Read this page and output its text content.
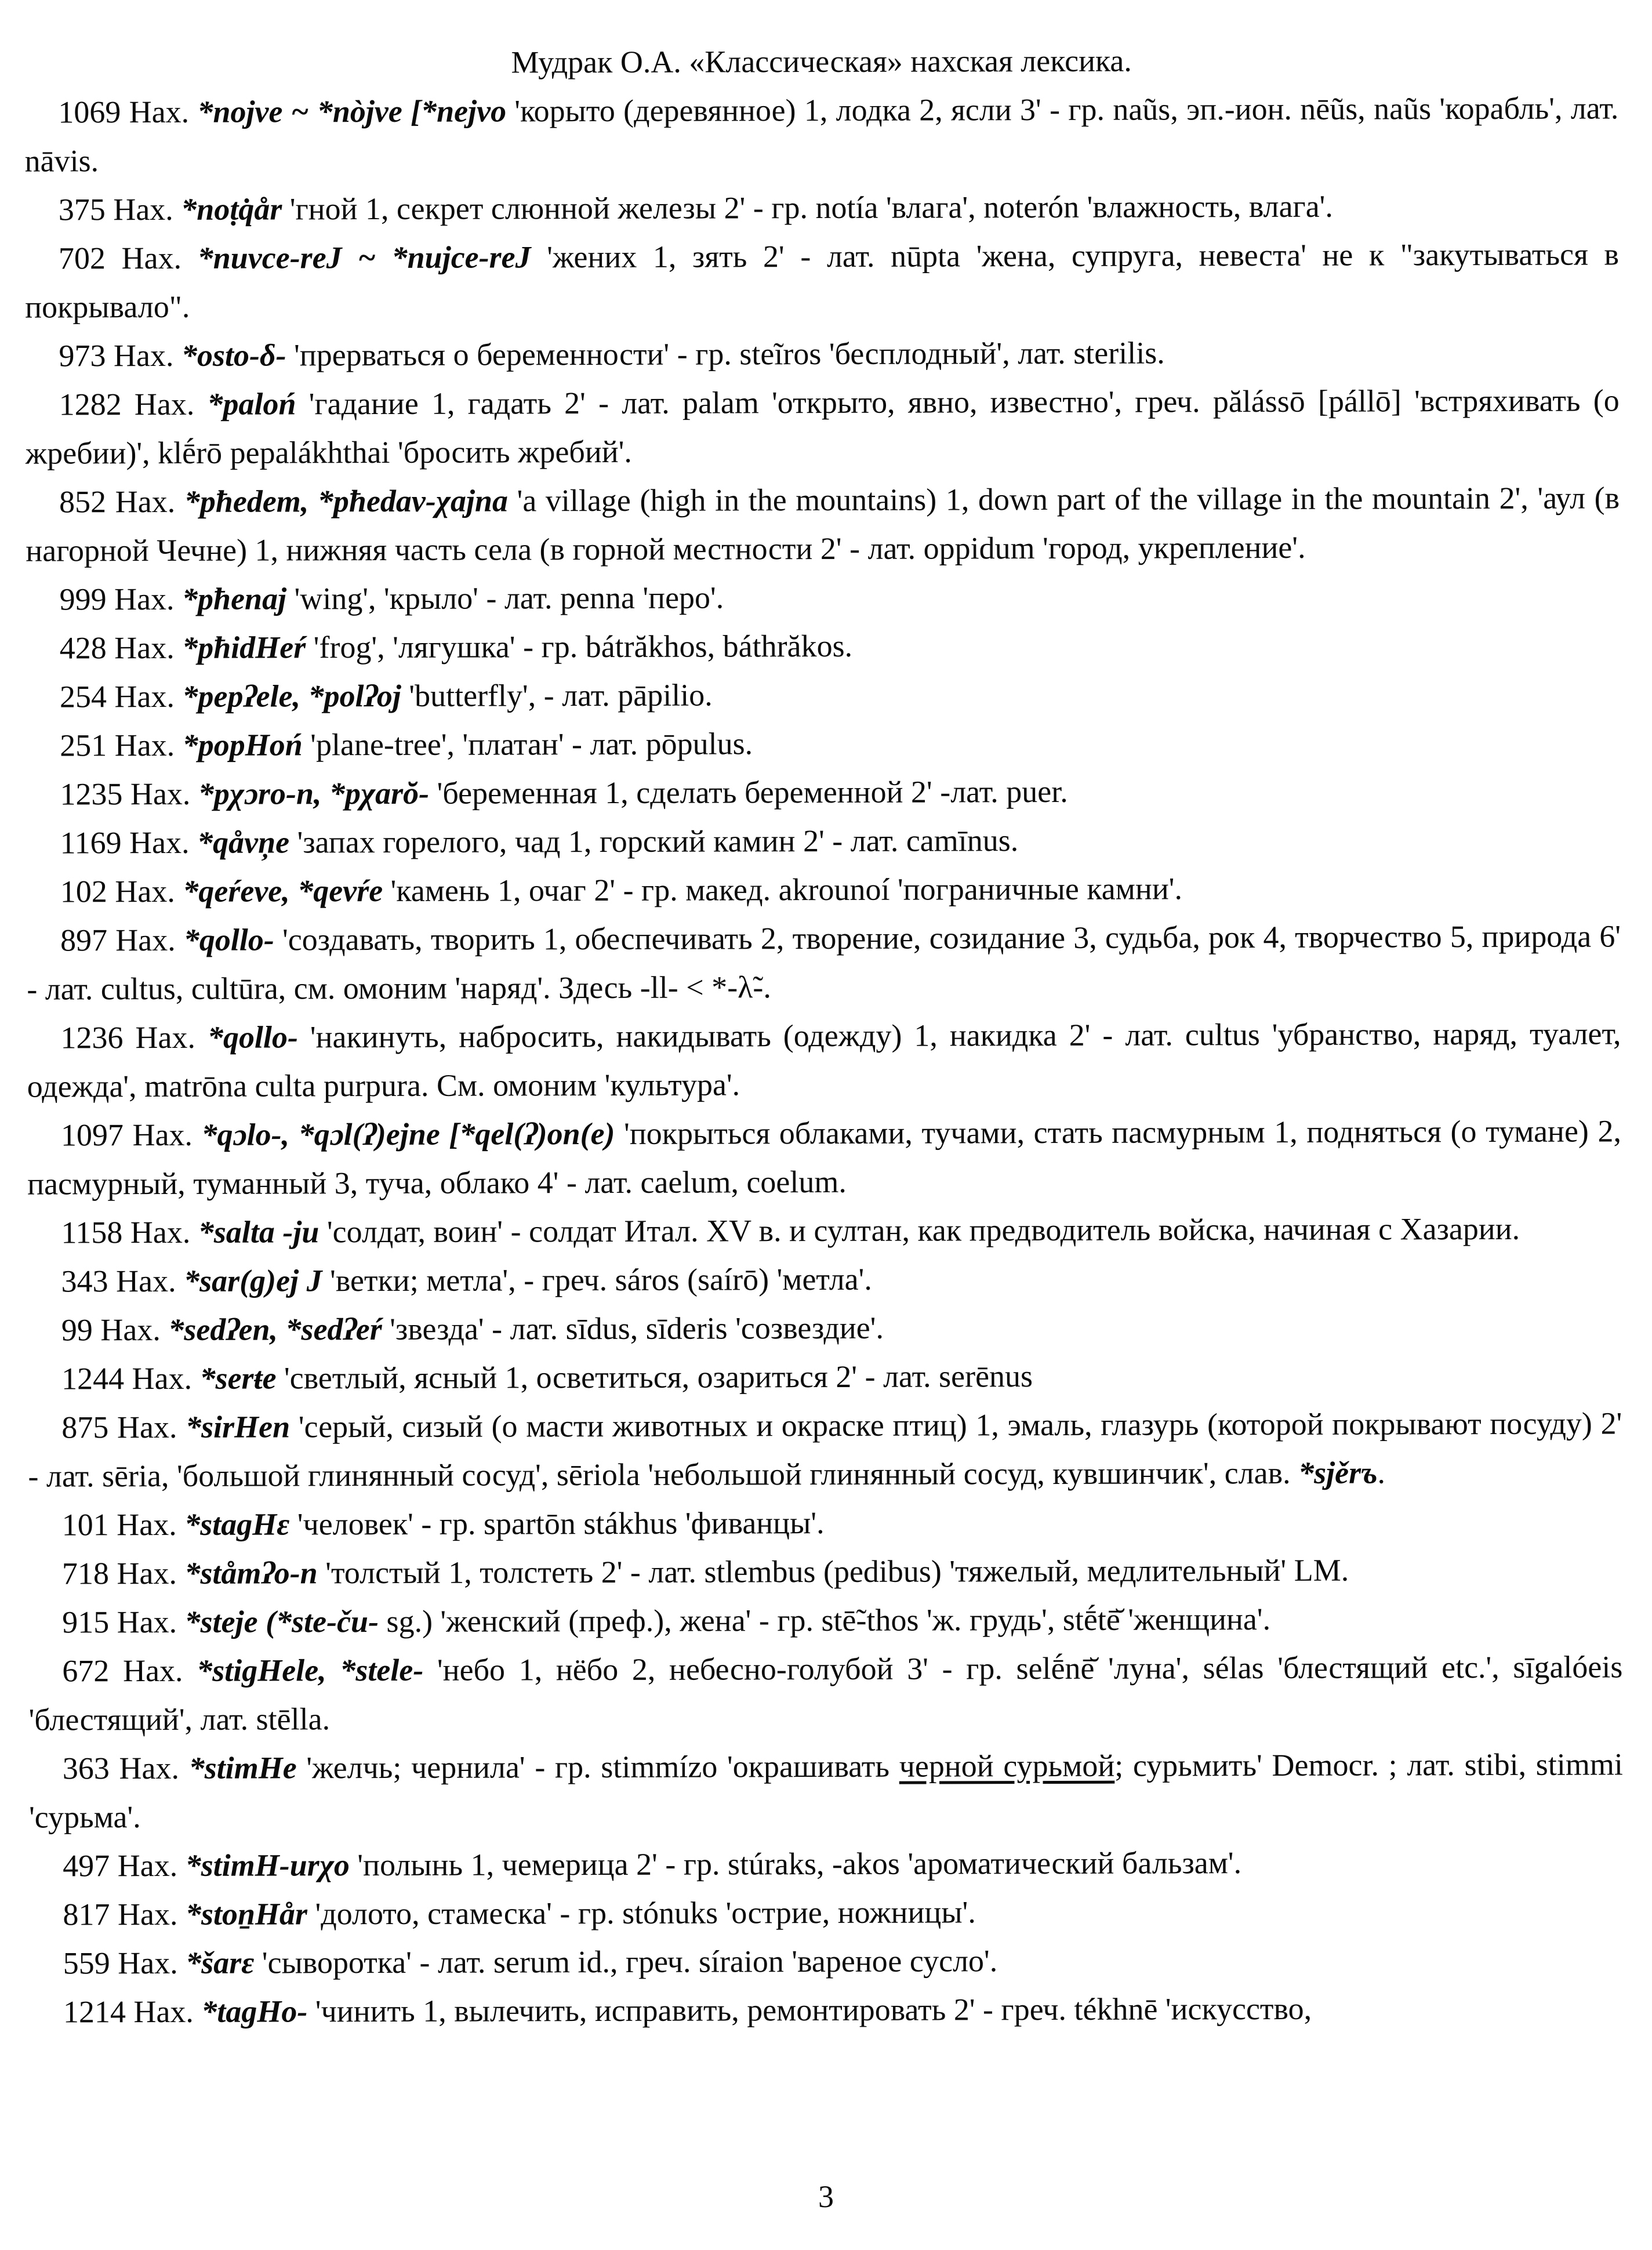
Мудрак О.А. «Классическая» нахская лексика.

1069 Нах. *nojve ~ *nòjve [*nejvo 'корыто (деревянное) 1, лодка 2, ясли 3' - гр. naũs, эп.-ион. nēũs, naũs 'корабль', лат. nāvis.

375 Нах. *noṭq̇år 'гной 1, секрет слюнной железы 2' - гр. notía 'влага', noterón 'влажность, влага'.

702 Нах. *nuvce-reJ ~ *nujce-reJ 'жених 1, зять 2' - лат. nūpta 'жена, супруга, невеста' не к "закутываться в покрывало".

973 Нах. *osto-δ- 'прерваться о беременности' - гр. steĩros 'бесплодный', лат. sterilis.

1282 Нах. *paloń 'гадание 1, гадать 2' - лат. palam 'открыто, явно, известно', греч. pălássō [pállō] 'встряхивать (о жребии)', klḗrō pepalákhthai 'бросить жребий'.

852 Нах. *pħedem, *pħedav-χajna 'a village (high in the mountains) 1, down part of the village in the mountain 2', 'аул (в нагорной Чечне) 1, нижняя часть села (в горной местности 2' - лат. oppidum 'город, укрепление'.

999 Нах. *pħenaj 'wing', 'крыло' - лат. penna 'перо'.

428 Нах. *pħidHeŕ 'frog', 'лягушка' - гр. bátrăkhos, báthrăkos.

254 Нах. *pepʔele, *polʔoj 'butterfly', - лат. pāpilio.

251 Нах. *popHoń 'plane-tree', 'платан' - лат. pōpulus.

1235 Нах. *pχɔro-n, *pχarŏ- 'беременная 1, сделать беременной 2' -лат. puer.

1169 Нах. *qåvņe 'запах горелого, чад 1, горский камин 2' - лат. camīnus.

102 Нах. *qeŕeve, *qevŕe 'камень 1, очаг 2' - гр. макед. akrounoí 'пограничные камни'.

897 Нах. *qollo- 'создавать, творить 1, обеспечивать 2, творение, созидание 3, судьба, рок 4, творчество 5, природа 6' - лат. cultus, cultūra, см. омоним 'наряд'. Здесь -ll- < *-λ̃-.

1236 Нах. *qollo- 'накинуть, набросить, накидывать (одежду) 1, накидка 2' - лат. cultus 'убранство, наряд, туалет, одежда', matrōna culta purpura. См. омоним 'культура'.

1097 Нах. *qɔlo-, *qɔl(ʔ)ejne [*qel(ʔ)on(e) 'покрыться облаками, тучами, стать пасмурным 1, подняться (о тумане) 2, пасмурный, туманный 3, туча, облако 4' - лат. caelum, coelum.

1158 Нах. *salta -ju 'солдат, воин' - солдат Итал. XV в. и султан, как предводитель войска, начиная с Хазарии.

343 Нах. *sar(g)ej J 'ветки; метла', - греч. sáros (saírō) 'метла'.

99 Нах. *sedʔen, *sedʔeŕ 'звезда' - лат. sīdus, sīderis 'созвездие'.

1244 Нах. *serŧe 'светлый, ясный 1, осветиться, озариться 2' - лат. serēnus

875 Нах. *sirHen 'серый, сизый (о масти животных и окраске птиц) 1, эмаль, глазурь (которой покрывают посуду) 2' - лат. sēria, 'большой глинянный сосуд', sēriola 'небольшой глинянный сосуд, кувшинчик', слав. *sjěrъ.

101 Нах. *stagHε 'человек' - гр. spartōn stákhus 'фиванцы'.

718 Нах. *ståmʔo-n 'толстый 1, толстеть 2' - лат. stlembus (pedibus) 'тяжелый, медлительный' LM.

915 Нах. *steje (*ste-ču- sg.) 'женский (преф.), жена' - гр. stē̃-thos 'ж. грудь', stḗtē̆ 'женщина'.

672 Нах. *stigHele, *stele- 'небо 1, нёбо 2, небесно-голубой 3' - гр. selḗnē̆ 'луна', sélas 'блестящий etc.', sīgalóeis 'блестящий', лат. stēlla.

363 Нах. *stimHe 'желчь; чернила' - гр. stimmízo 'окрашивать черной сурьмой; сурьмить' Democr. ; лат. stibi, stimmi 'сурьма'.

497 Нах. *stimH-urχo 'полынь 1, чемерица 2' - гр. stúraks, -akos 'ароматический бальзам'.

817 Нах. *stoṉHår 'долото, стамеска' - гр. stónuks 'острие, ножницы'.

559 Нах. *šarε 'сыворотка' - лат. serum id., греч. síraion 'вареное сусло'.

1214 Нах. *tagHo- 'чинить 1, вылечить, исправить, ремонтировать 2' - греч. tékhnē 'искусство,

3
